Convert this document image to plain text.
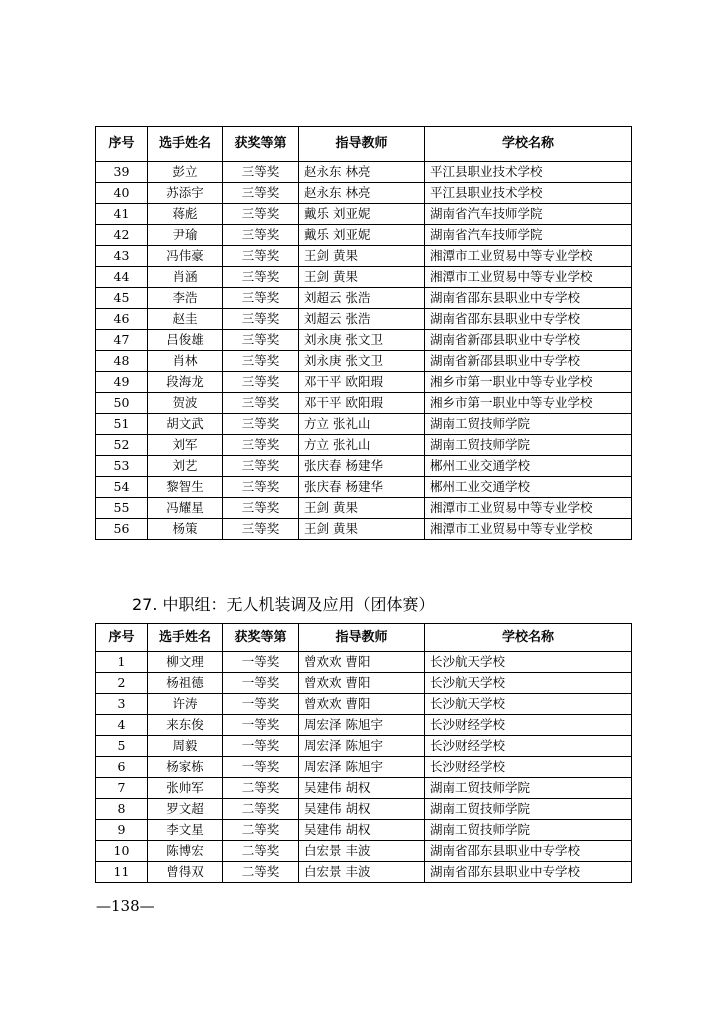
序号	选手姓名	获奖等第	指导教师	学校名称
39	彭立	三等奖	赵永东 林亮	平江县职业技术学校
40	苏添宇	三等奖	赵永东 林亮	平江县职业技术学校
41	蒋彪	三等奖	戴乐 刘亚妮	湖南省汽车技师学院
42	尹瑜	三等奖	戴乐 刘亚妮	湖南省汽车技师学院
43	冯伟豪	三等奖	王剑 黄果	湘潭市工业贸易中等专业学校
44	肖涵	三等奖	王剑 黄果	湘潭市工业贸易中等专业学校
45	李浩	三等奖	刘超云 张浩	湖南省邵东县职业中专学校
46	赵圭	三等奖	刘超云 张浩	湖南省邵东县职业中专学校
47	吕俊雄	三等奖	刘永庚 张文卫	湖南省新邵县职业中专学校
48	肖林	三等奖	刘永庚 张文卫	湖南省新邵县职业中专学校
49	段海龙	三等奖	邓干平 欧阳瑕	湘乡市第一职业中等专业学校
50	贺波	三等奖	邓干平 欧阳瑕	湘乡市第一职业中等专业学校
51	胡文武	三等奖	方立 张礼山	湖南工贸技师学院
52	刘军	三等奖	方立 张礼山	湖南工贸技师学院
53	刘艺	三等奖	张庆春 杨建华	郴州工业交通学校
54	黎智生	三等奖	张庆春 杨建华	郴州工业交通学校
55	冯耀星	三等奖	王剑 黄果	湘潭市工业贸易中等专业学校
56	杨策	三等奖	王剑 黄果	湘潭市工业贸易中等专业学校
27. 中职组：无人机装调及应用（团体赛）
序号	选手姓名	获奖等第	指导教师	学校名称
1	柳文理	一等奖	曾欢欢 曹阳	长沙航天学校
2	杨祖德	一等奖	曾欢欢 曹阳	长沙航天学校
3	许涛	一等奖	曾欢欢 曹阳	长沙航天学校
4	来东俊	一等奖	周宏泽 陈旭宇	长沙财经学校
5	周毅	一等奖	周宏泽 陈旭宇	长沙财经学校
6	杨家栋	一等奖	周宏泽 陈旭宇	长沙财经学校
7	张帅军	二等奖	吴建伟 胡权	湖南工贸技师学院
8	罗文超	二等奖	吴建伟 胡权	湖南工贸技师学院
9	李文星	二等奖	吴建伟 胡权	湖南工贸技师学院
10	陈博宏	二等奖	白宏景 丰波	湖南省邵东县职业中专学校
11	曾得双	二等奖	白宏景 丰波	湖南省邵东县职业中专学校
—138—
